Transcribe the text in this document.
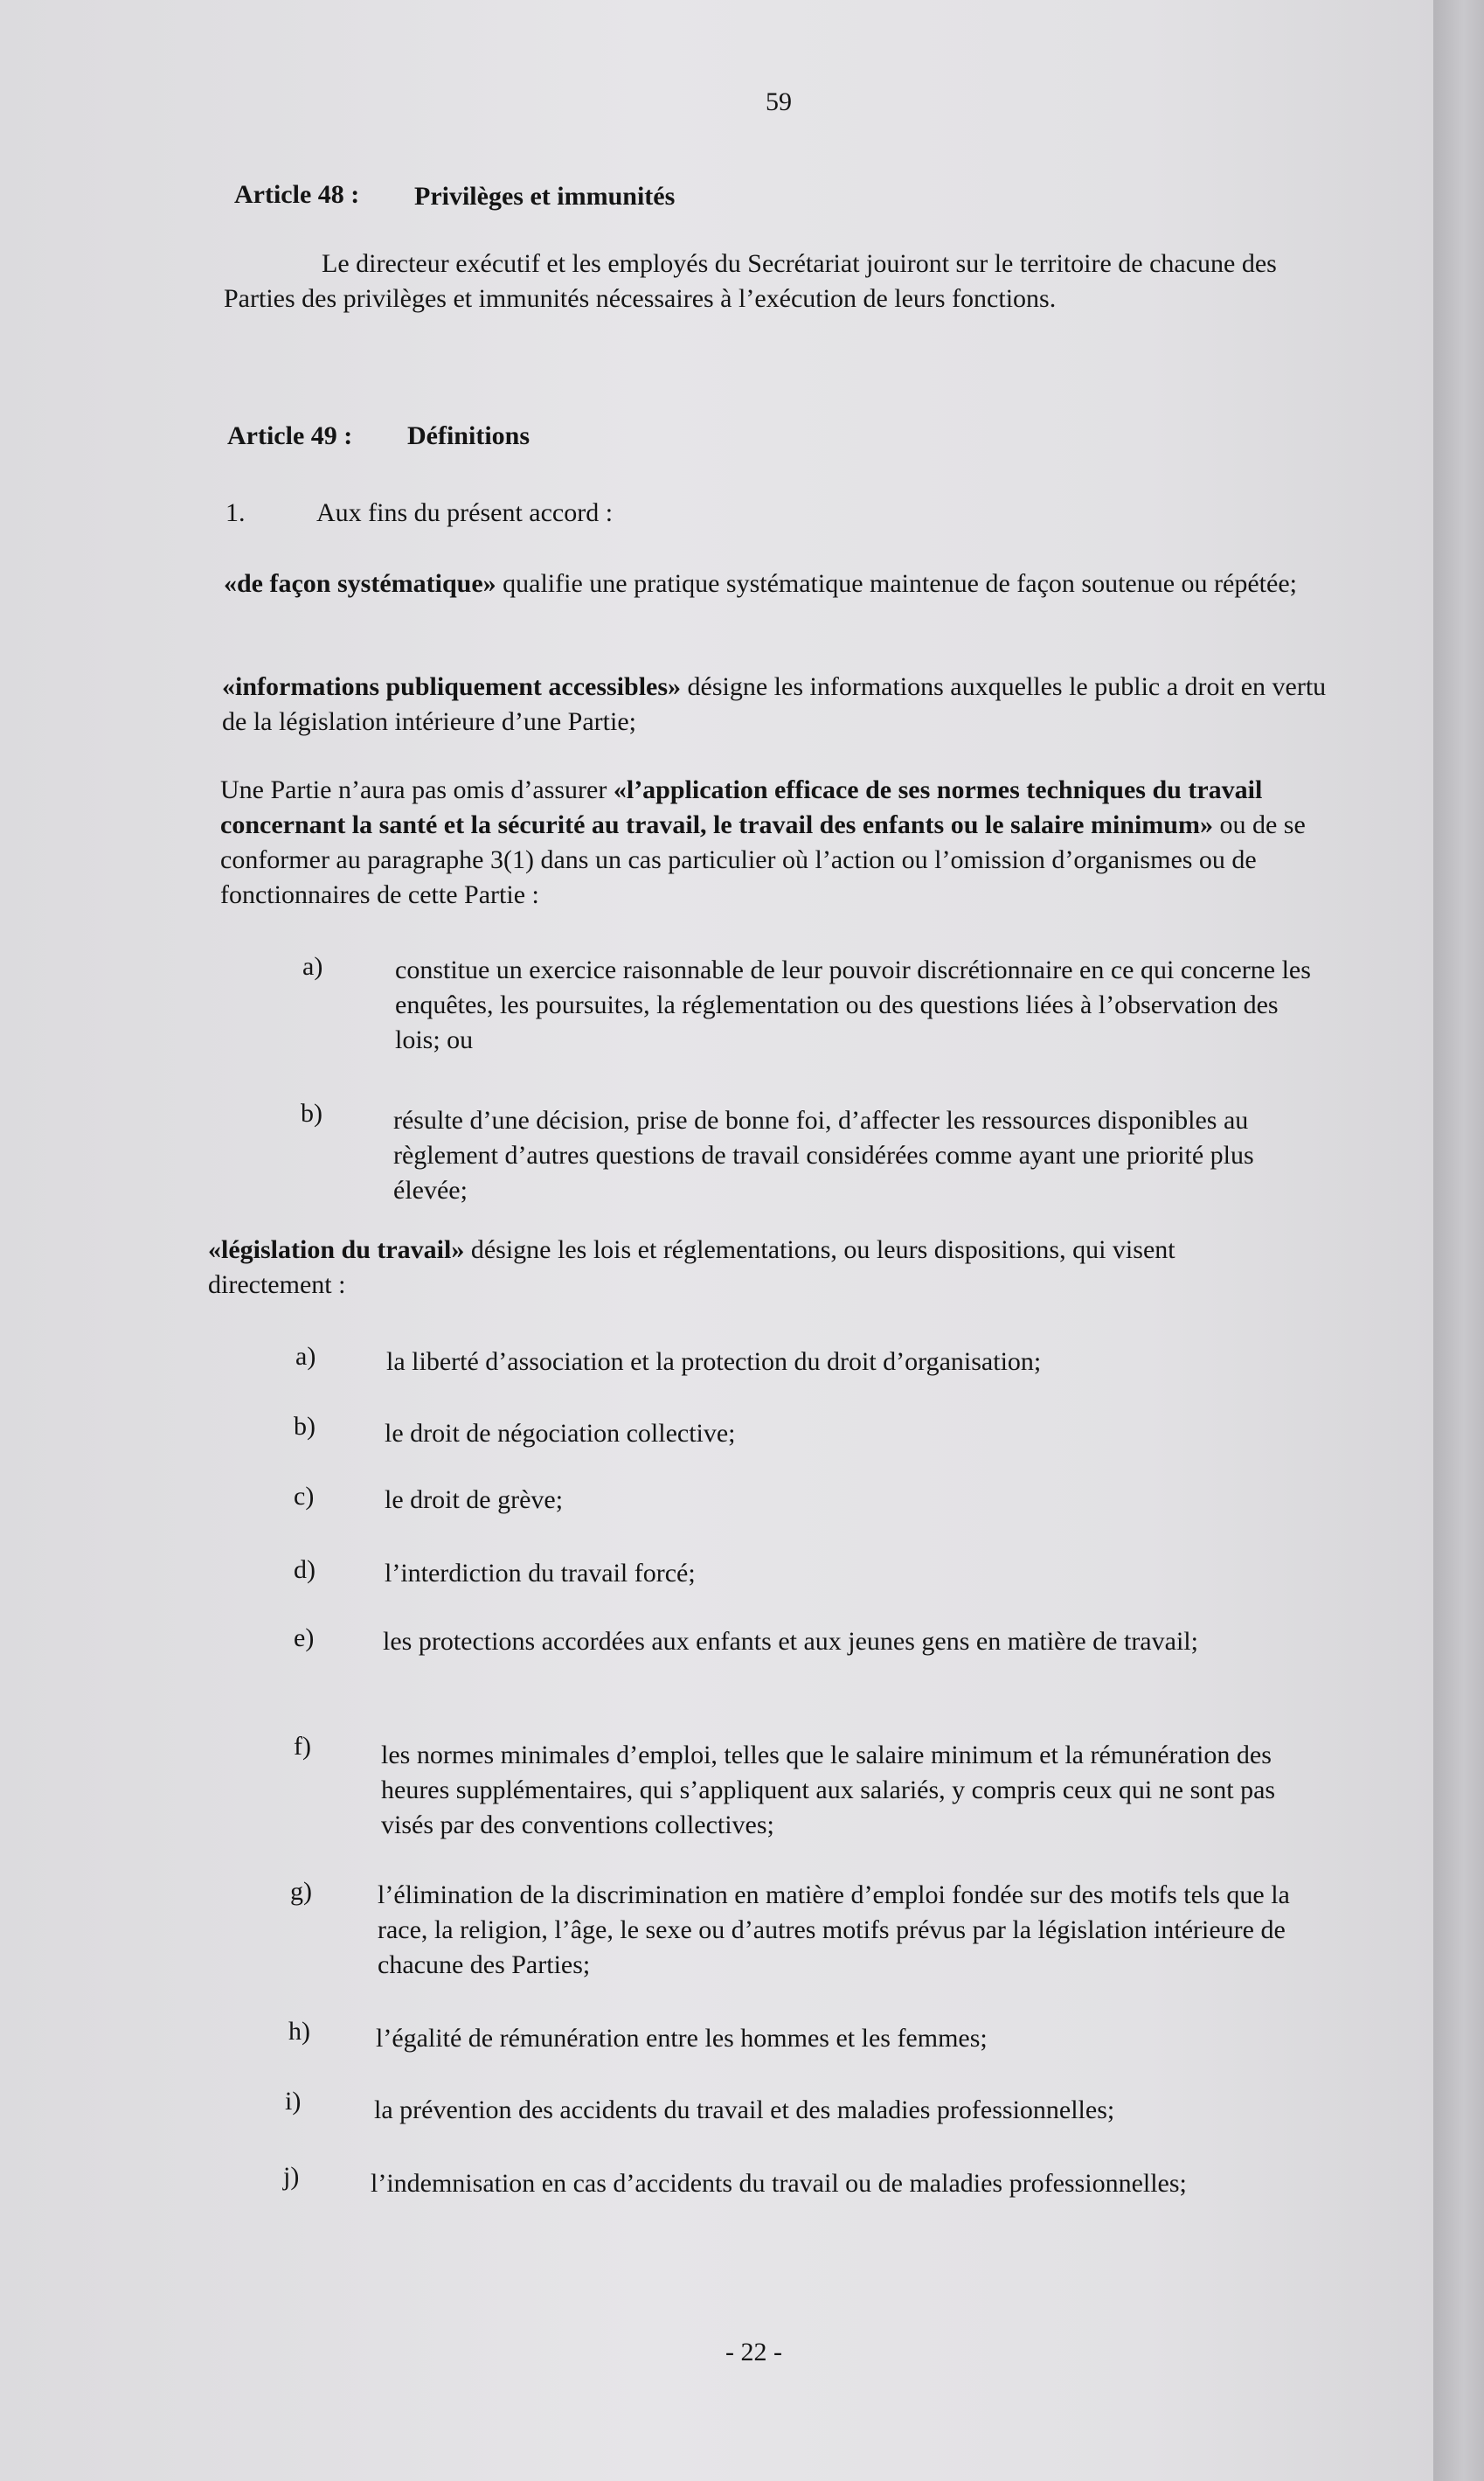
59
Article 48 : Privilèges et immunités

Le directeur exécutif et les employés du Secrétariat jouiront sur le territoire de chacune des Parties des privilèges et immunités nécessaires à l’exécution de leurs fonctions.

Article 49 : Définitions
1.	Aux fins du présent accord :

«de façon systématique» qualifie une pratique systématique maintenue de façon soutenue ou répétée;

«informations publiquement accessibles» désigne les informations auxquelles le public a droit en vertu de la législation intérieure d’une Partie;

Une Partie n’aura pas omis d’assurer «l’application efficace de ses normes techniques du travail concernant la santé et la sécurité au travail, le travail des enfants ou le salaire minimum» ou de se conformer au paragraphe 3(1) dans un cas particulier où l’action ou l’omission d’organismes ou de fonctionnaires de cette Partie :

a)	constitue un exercice raisonnable de leur pouvoir discrétionnaire en ce qui concerne les enquêtes, les poursuites, la réglementation ou des questions liées à l’observation des lois; ou
b)	résulte d’une décision, prise de bonne foi, d’affecter les ressources disponibles au règlement d’autres questions de travail considérées comme ayant une priorité plus élevée;

«législation du travail» désigne les lois et réglementations, ou leurs dispositions, qui visent directement :

a)	la liberté d’association et la protection du droit d’organisation;
b)	le droit de négociation collective;
c)	le droit de grève;
d)	l’interdiction du travail forcé;
e)	les protections accordées aux enfants et aux jeunes gens en matière de travail;
f)	les normes minimales d’emploi, telles que le salaire minimum et la rémunération des heures supplémentaires, qui s’appliquent aux salariés, y compris ceux qui ne sont pas visés par des conventions collectives;
g)	l’élimination de la discrimination en matière d’emploi fondée sur des motifs tels que la race, la religion, l’âge, le sexe ou d’autres motifs prévus par la législation intérieure de chacune des Parties;
h)	l’égalité de rémunération entre les hommes et les femmes;
i)	la prévention des accidents du travail et des maladies professionnelles;
j)	l’indemnisation en cas d’accidents du travail ou de maladies professionnelles;
- 22 -
